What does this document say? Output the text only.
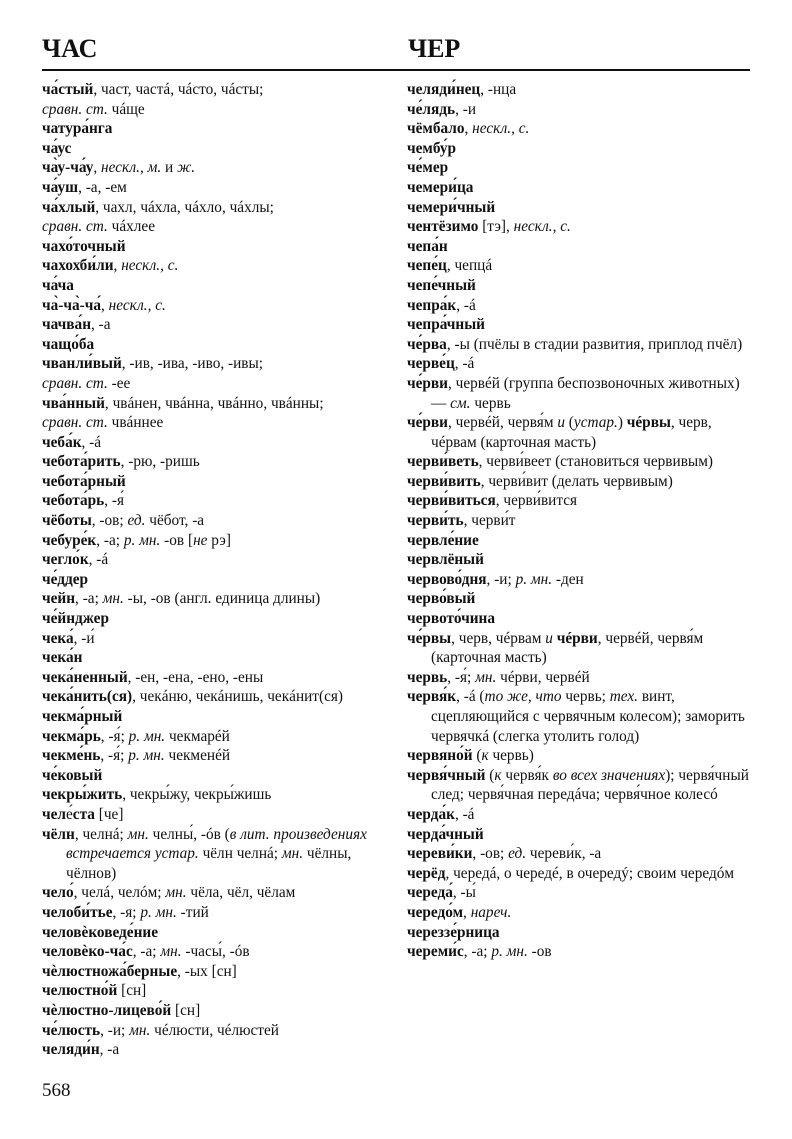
ЧАС	ЧЕР
ча́стый, част, частá, чáсто, чáсты;
сравн. ст. чáще
чатура́нга
ча́ус
ча̀у-ча́у, нескл., м. и ж.
ча́уш, -а, -ем
ча́хлый, чахл, чáхла, чáхло, чáхлы;
сравн. ст. чáхлее
чахо́точный
чахохби́ли, нескл., с.
ча́ча
ча̀-ча̀-ча́, нескл., с.
чачва́н, -а
чащо́ба
чванли́вый, -ив, -ива, -иво, -ивы;
сравн. ст. -ее
чва́нный, чвáнен, чвáнна, чвáнно, чвáнны;
сравн. ст. чвáннее
чеба́к, -á
чебота́рить, -рю, -ришь
чебота́рный
чебота́рь, -я́
чёботы, -ов; ед. чёбот, -а
чебуре́к, -а; р. мн. -ов [не рэ]
чегло́к, -á
че́ддер
чейн, -а; мн. -ы, -ов (англ. единица длины)
че́йнджер
чека́, -и́
чека́н
чека́ненный, -ен, -ена, -ено, -ены
чека́нить(ся), чекáню, чекáнишь, чекáнит(ся)
чекма́рный
чекма́рь, -я́; р. мн. чекмарéй
чекме́нь, -я́; р. мн. чекменéй
че́ковый
чекры́жить, чекры́жу, чекры́жишь
челе́ста [че]
чёлн, челнá; мн. челны́, -óв (в лит. произведениях встречается устар. чёлн челнá; мн. чёлны, чёлнов)
чело́, челá, челóм; мн. чёла, чёл, чёлам
челоби́тье, -я; р. мн. -тий
человѐковеде́ние
человѐко-ча́с, -а; мн. -часы́, -óв
чѐлюстножа́берные, -ых [сн]
челюстно́й [сн]
чѐлюстно-лицево́й [сн]
че́люсть, -и; мн. чéлюсти, чéлюстей
челяди́н, -а
челяди́нец, -нца
че́лядь, -и
чёмбало, нескл., с.
чембу́р
че́мер
чемери́ца
чемери́чный
чентёзимо [тэ], нескл., с.
чепа́н
чепе́ц, чепцá
чепе́чный
чепра́к, -á
чепра́чный
че́рва, -ы (пчёлы в стадии развития, приплод пчёл)
черве́ц, -á
че́рви, червéй (группа беспозвоночных животных) — см. червь
че́рви, червéй, червя́м и (устар.) чéрвы, черв, чéрвам (карточная масть)
черви́веть, черви́веет (становиться червивым)
черви́вить, черви́вит (делать червивым)
черви́виться, черви́вится
черви́ть, черви́т
червле́ние
червлёный
червово́дня, -и; р. мн. -ден
черво́вый
червото́чина
че́рвы, черв, чéрвам и чéрви, червéй, червя́м (карточная масть)
червь, -я́; мн. чéрви, червéй
червя́к, -á (то же, что червь; тех. винт, сцепляющийся с червячным колесом); заморить червячкá (слегка утолить голод)
червяно́й (к червь)
червя́чный (к червя́к во всех значениях); червя́чный след; червя́чная передáча; червя́чное колесó
черда́к, -á
черда́чный
череви́ки, -ов; ед. череви́к, -а
черёд, чередá, о чередé, в очередý; своим чередóм
череда́, -ы́
чередо́м, нареч.
череззе́рница
череми́с, -а; р. мн. -ов
568
